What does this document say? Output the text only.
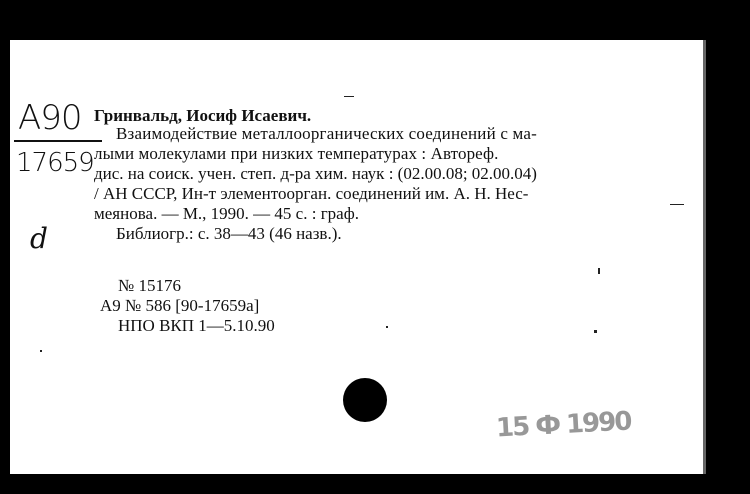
A90
17659
d
Гринвальд, Иосиф Исаевич.
Взаимодействие металлоорганических соединений с ма-
лыми молекулами при низких температурах : Автореф.
дис. на соиск. учен. степ. д-ра хим. наук : (02.00.08; 02.00.04)
/ АН СССР, Ин-т элементоорган. соединений им. А. Н. Нес-
меянова. — М., 1990. — 45 с. : граф.
Библиогр.: с. 38—43 (46 назв.).
№ 15176
А9 № 586 [90-17659а]
НПО ВКП 1—5.10.90
15 Ф 1990
